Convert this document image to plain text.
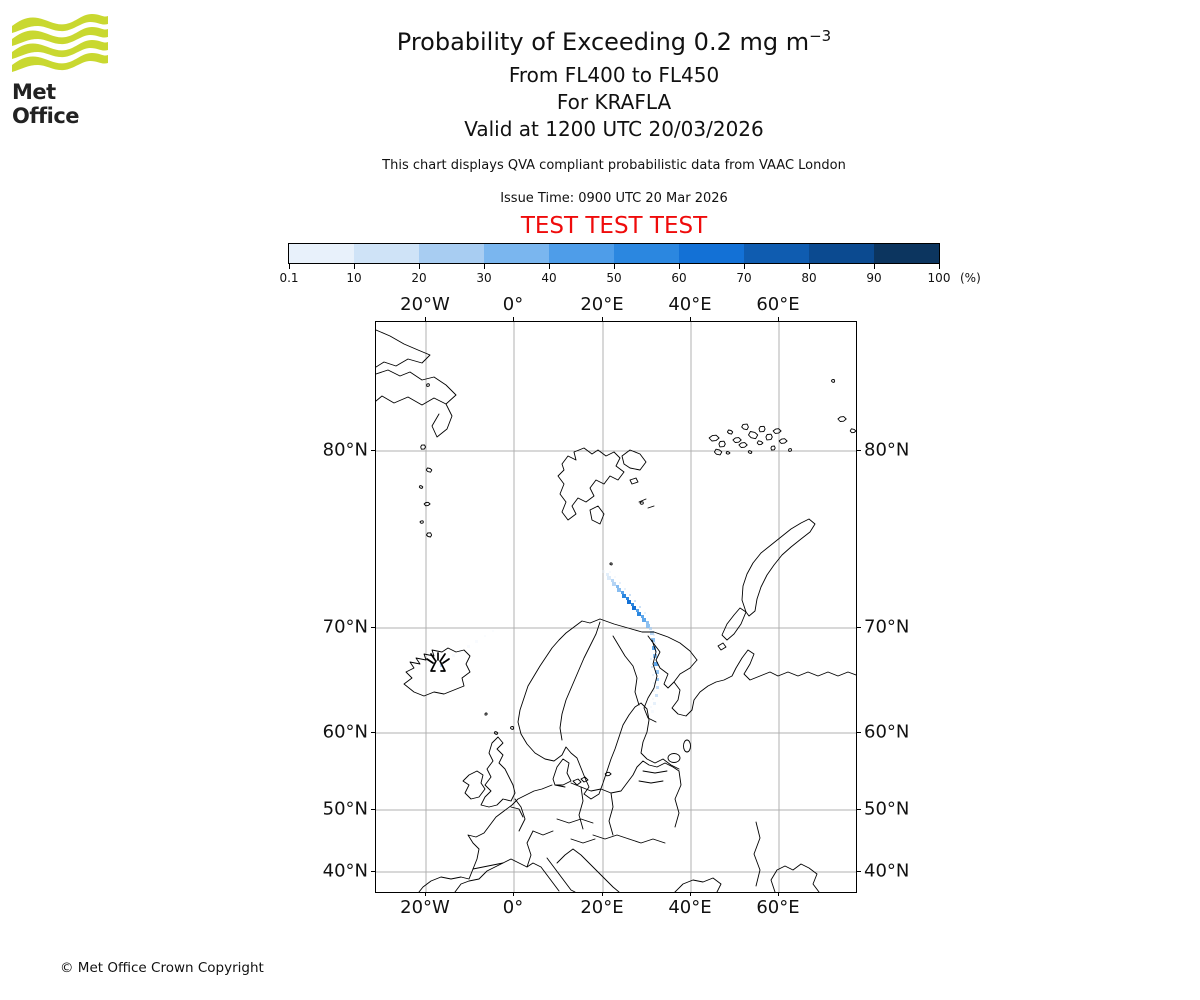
Met Office
Probability of Exceeding 0.2 mg $m^{-3}$
From FL400 to FL450
For KRAFLA
Valid at 1200 UTC 20/03/2026
This chart displays QVA compliant probabilistic data from VAAC London
Issue Time: 0900 UTC 20 Mar 2026
TEST TEST TEST
(%)
0.1	10	20	30	40	50	60	70	80	90	100
20°W	0°	20°E 40°E 60°E
20°W	0°	20°E 40°E 60°E
80°N
70°N
60°N
50°N
40°N
80°N
70°N
60°N
50°N
40°N
© Met Office Crown Copyright
